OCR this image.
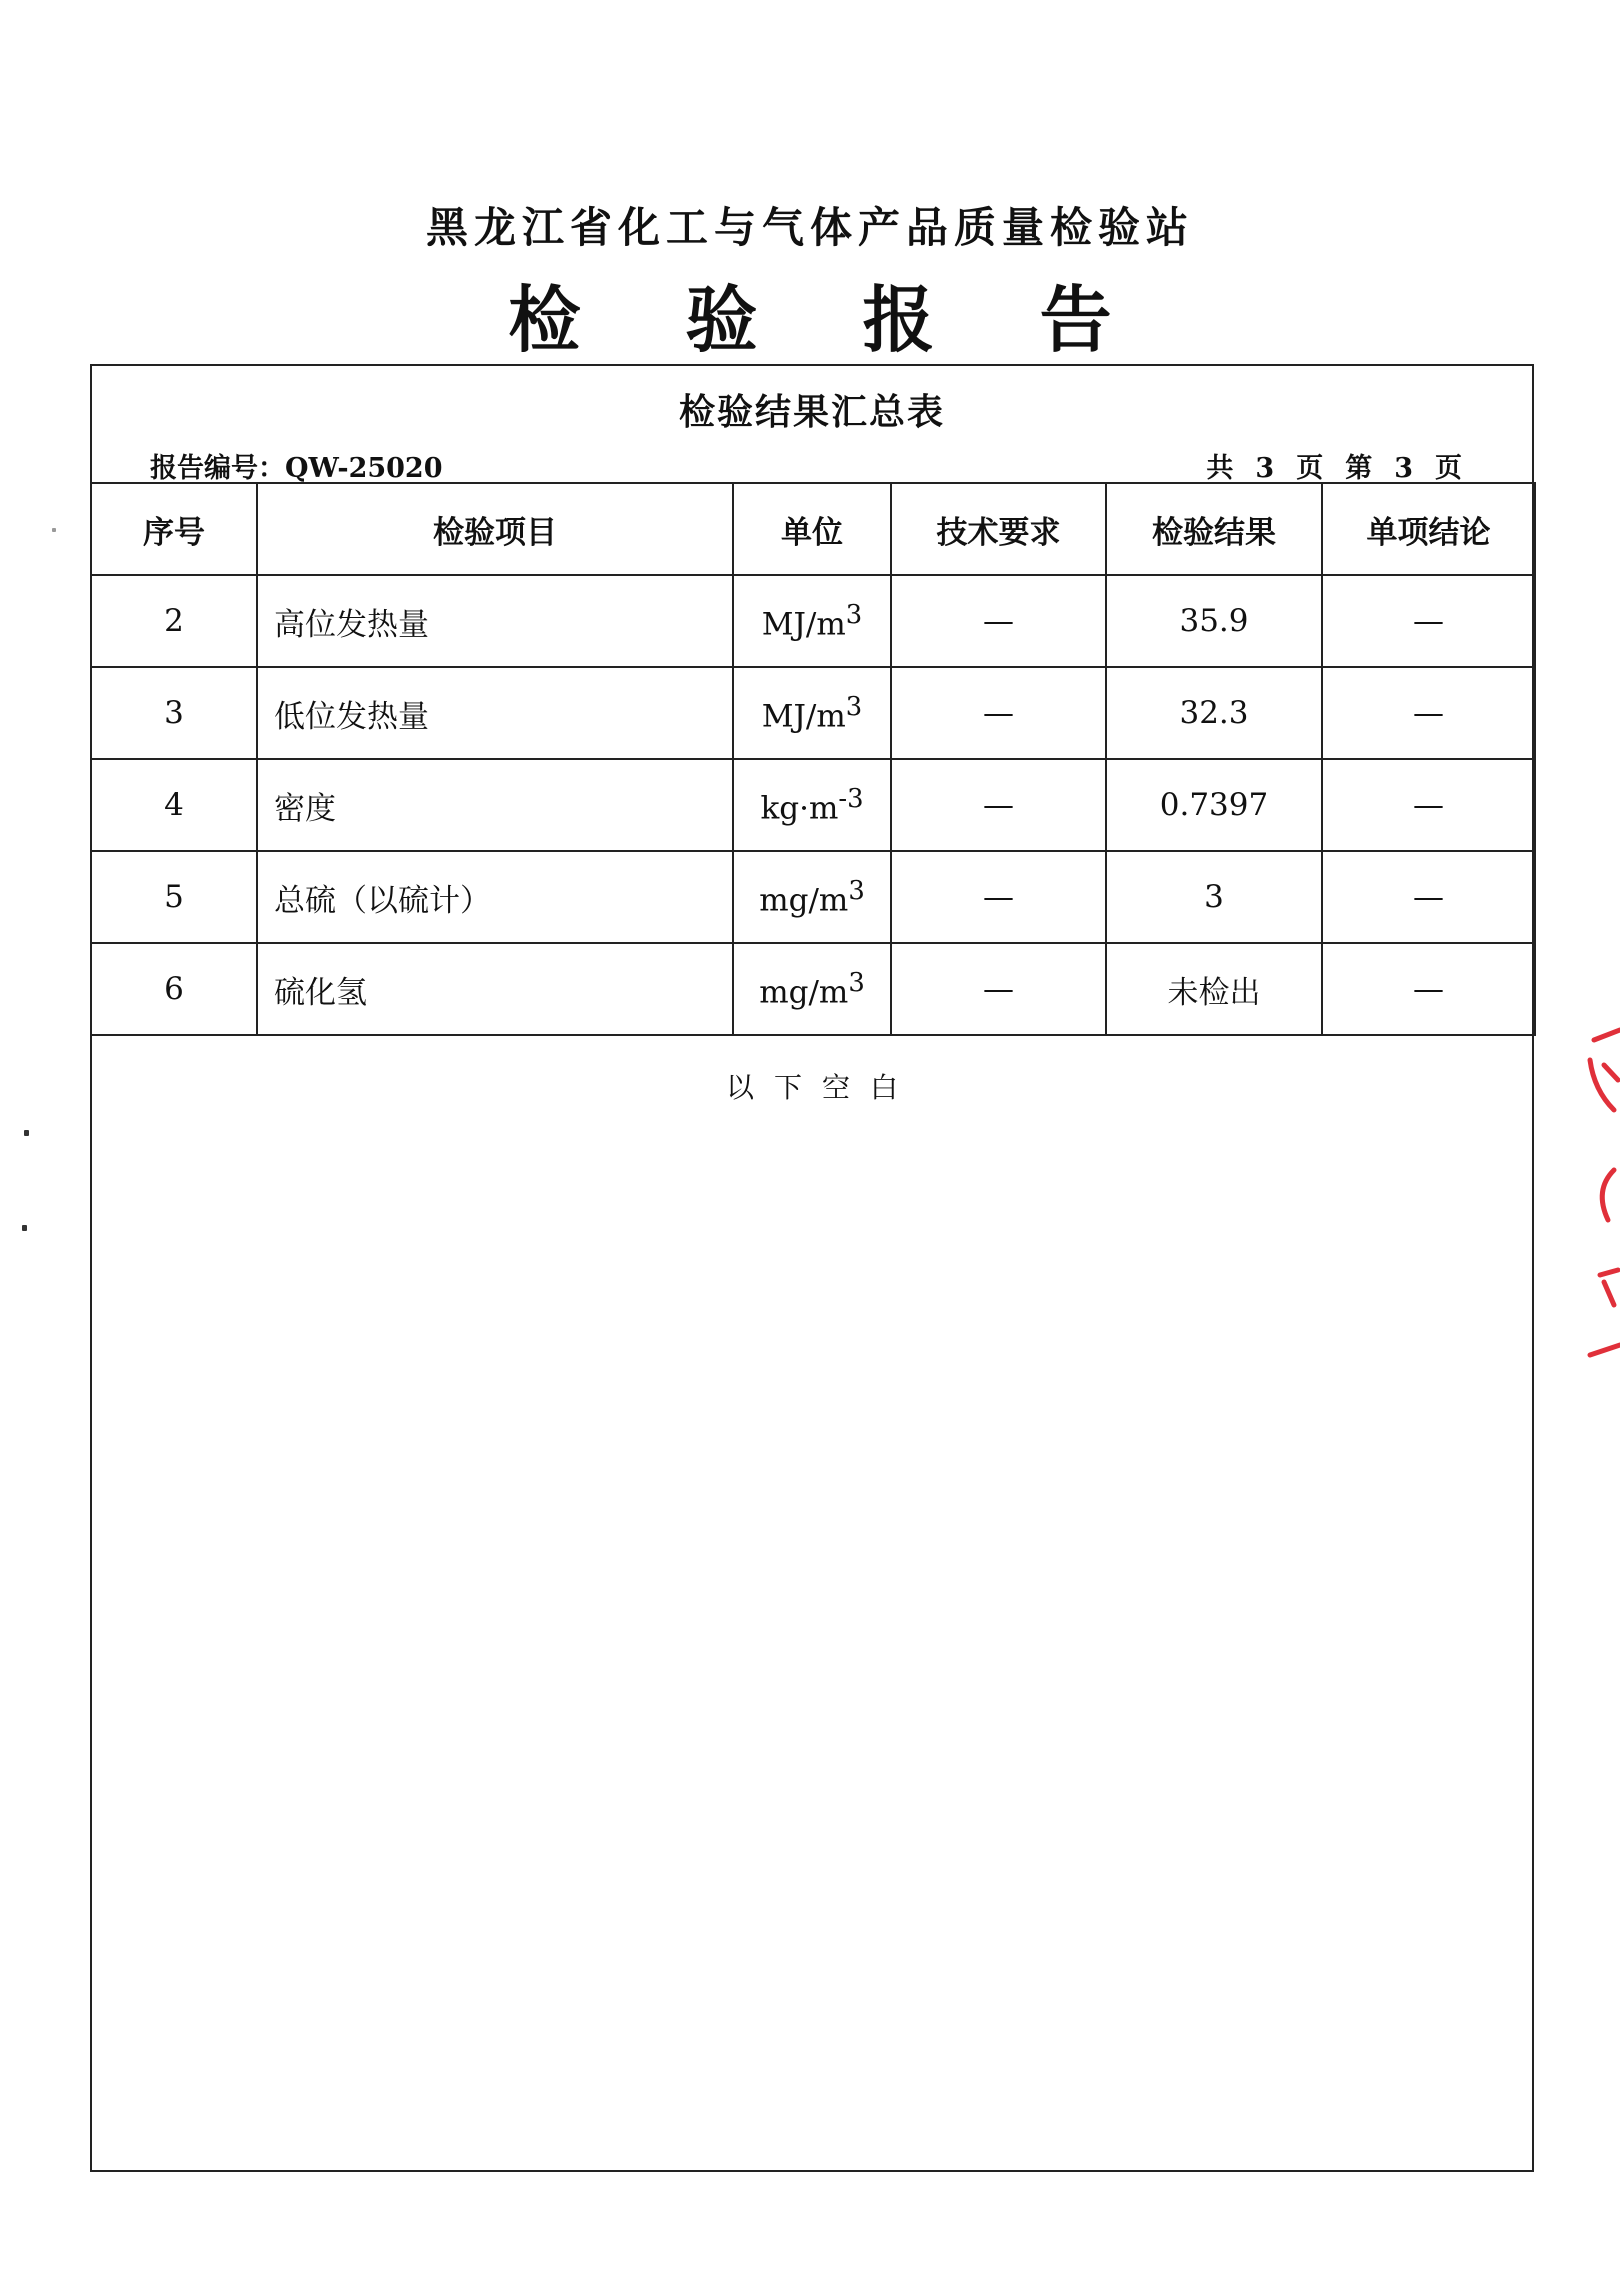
黑龙江省化工与气体产品质量检验站
检 验 报 告
检验结果汇总表
报告编号：QW-25020	共 3 页 第 3 页
序号	检验项目	单位	技术要求	检验结果	单项结论
2	高位发热量	$MJ/m^3$	—	35.9	—
3	低位发热量	$MJ/m^3$	—	32.3	—
4	密度	$kg\cdot m^{-3}$	—	0.7397	—
5	总硫（以硫计）	$mg/m^3$	—	3	—
6	硫化氢	$mg/m^3$	—	未检出	—
以下空白
